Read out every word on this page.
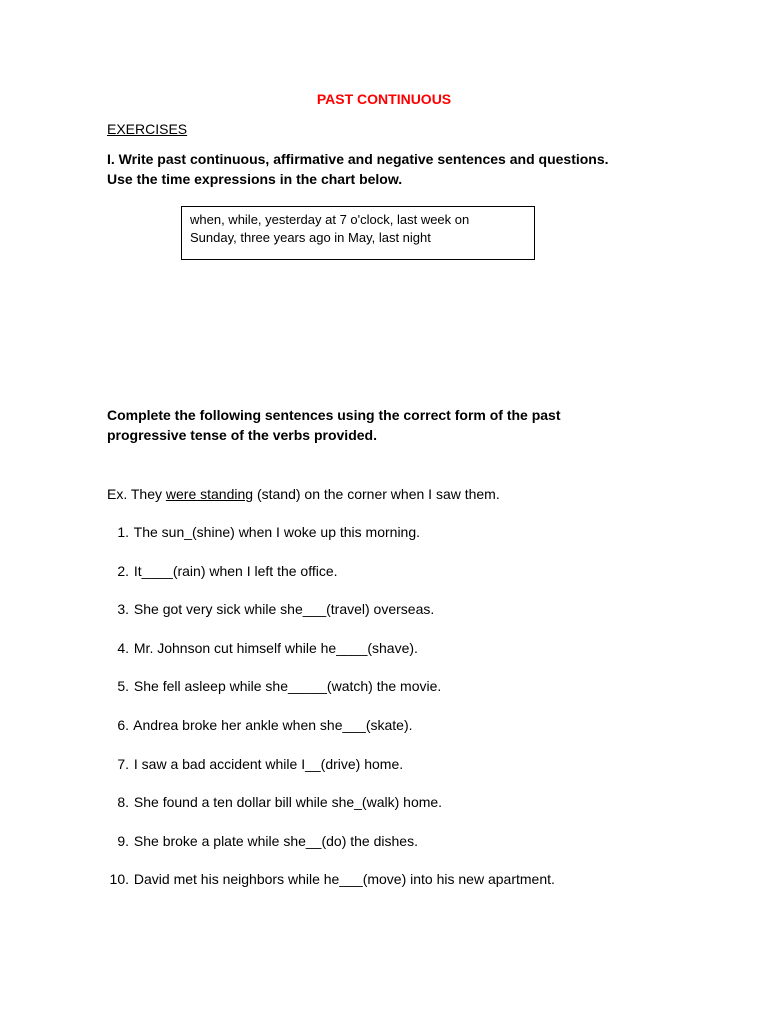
PAST CONTINUOUS
EXERCISES
I. Write past continuous, affirmative and negative sentences and questions.
Use the time expressions in the chart below.
when, while, yesterday at 7 o'clock, last week on
Sunday, three years ago in May, last night
Complete the following sentences using the correct form of the past
progressive tense of the verbs provided.
Ex. They were standing (stand) on the corner when I saw them.
1. The sun_(shine) when I woke up this morning.
2. It____(rain) when I left the office.
3. She got very sick while she___(travel) overseas.
4. Mr. Johnson cut himself while he____(shave).
5. She fell asleep while she_____(watch) the movie.
6. Andrea broke her ankle when she___(skate).
7. I saw a bad accident while I__(drive) home.
8. She found a ten dollar bill while she_(walk) home.
9. She broke a plate while she__(do) the dishes.
10. David met his neighbors while he___(move) into his new apartment.
